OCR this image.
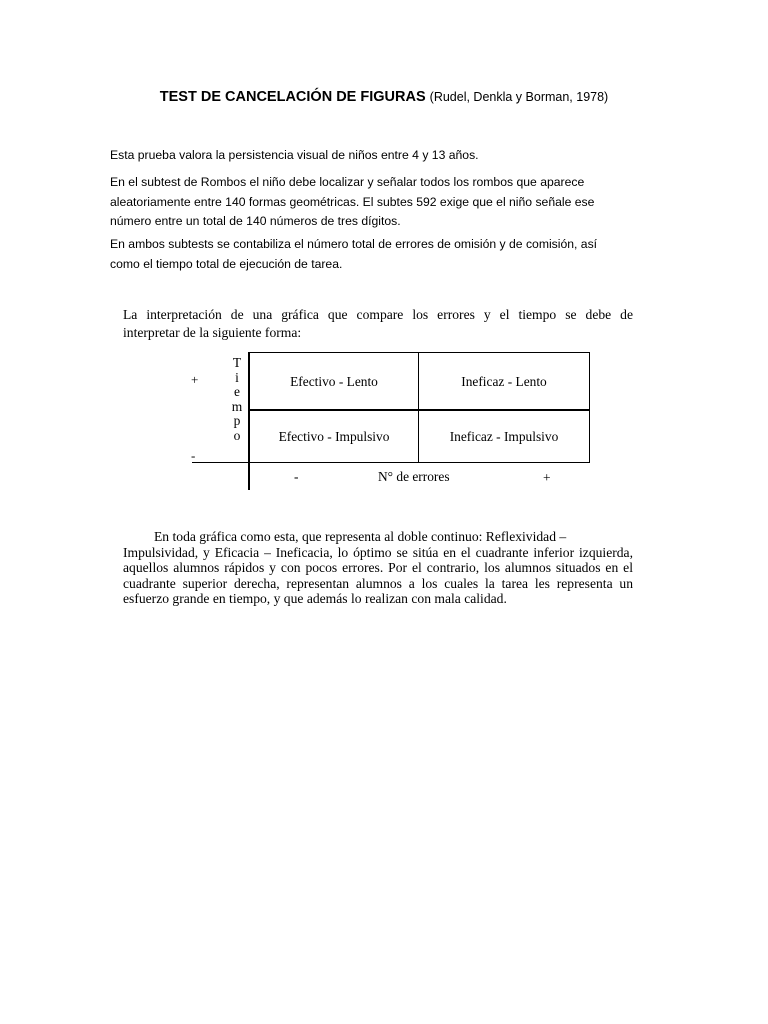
TEST DE CANCELACIÓN DE FIGURAS (Rudel, Denkla y Borman, 1978)

Esta prueba valora la persistencia visual de niños entre 4 y 13 años.

En el subtest de Rombos el niño debe localizar y señalar todos los rombos que aparece aleatoriamente entre 140 formas geométricas. El subtes 592 exige que el niño señale ese número entre un total de 140 números de tres dígitos.

En ambos subtests se contabiliza el número total de errores de omisión y de comisión, así como el tiempo total de ejecución de tarea.

La interpretación de una gráfica que compare los errores y el tiempo se debe de
interpretar de la siguiente forma:

T
i
e
m
p
o
+
-
Efectivo - Lento	Ineficaz - Lento
Efectivo - Impulsivo	Ineficaz - Impulsivo
-	N° de errores	+

En toda gráfica como esta, que representa al doble continuo: Reflexividad –
Impulsividad, y Eficacia – Ineficacia, lo óptimo se sitúa en el cuadrante inferior izquierda,
aquellos alumnos rápidos y con pocos errores. Por el contrario, los alumnos situados en el
cuadrante superior derecha, representan alumnos a los cuales la tarea les representa un
esfuerzo grande en tiempo, y que además lo realizan con mala calidad.
